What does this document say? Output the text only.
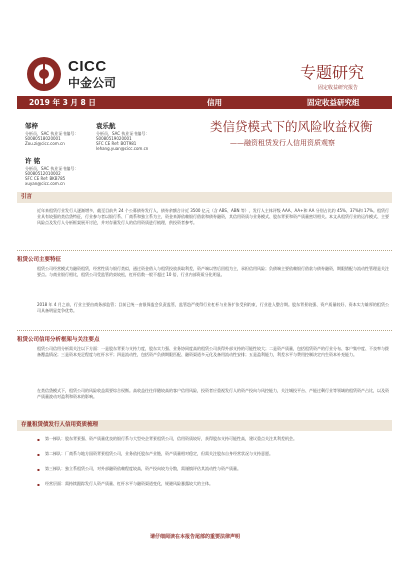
CICC
中金公司
专题研究
固定收益研究报告
2019 年 3 月 8 日	信用	固定收益研究组
邹梓
分析员，SAC 执业证书编号：
S0080518020001
Zou.zi@cicc.com.cn
袁乐航
分析员，SAC 执业证书编号：
S0080519020001
SFC CE Ref: BOT981
lehang.yuan@cicc.com.cn
许 铭
分析员，SAC 执业证书编号：
S0080512010002
SFC CE Ref: BKB785
xuyan@cicc.com.cn
类信贷模式下的风险收益权衡
——融资租赁发行人信用资质观察
引言
近年来租赁行业发行人逐渐增多，截至目前共 24 个公募债券发行人，债券余额合计近 3500 亿元（含 ABS、ABN 等），发行人主体评级 AAA、AA+和 AA 分别占比约 45%、37%和 17%。租赁行业具有较强的类信贷特征，行业参与者以银行系、厂商系和独立系为主，资金来源依赖银行借款和债券融资，其信用资质与业务模式、股东背景和资产质量密切相关。本文从租赁行业的运作模式、主要风险点及发行人分析框架展开讨论，并对存量发行人的信用资质进行梳理，供投资者参考。
租赁公司主要特征
租赁公司经营模式为融资租赁，经营性质与银行类似，通过资金借入与租赁投放获取利差，资产端以售后回租为主，承担信用风险；负债端主要依赖银行借款与债券融资，期限错配与流动性管理是关注要点。与商业银行相比，租赁公司受监管约束较松，杠杆倍数一般不超过 10 倍，行业内部资质分化明显。
2018 年 4 月之前，行业主要由商务部监管；目前已统一由银保监会负责监管，监管趋严使得行业杠杆与业务扩张受到约束，行业进入整合期。股东背景较强、资产质量较好、资本实力雄厚的租赁公司具备明显竞争优势。
租赁公司信用分析框架与关注要点
租赁公司信用分析需关注以下方面：一是股东背景与支持力度，股东实力强、业务协同度高的租赁公司获得外部支持的可能性较大；二是资产质量，包括租赁资产的行业分布、客户集中度、不良率与拨备覆盖情况；三是资本充足程度与杠杆水平；四是流动性，包括资产负债期限匹配、融资渠道多元化及备用流动性安排；五是盈利能力，利差水平与费用控制决定内生资本补充能力。
在类信贷模式下，租赁公司的风险收益需要综合权衡。高收益往往伴随较高的客户信用风险，投资者应重视发行人的资产投向与风控能力，关注城投平台、产能过剩行业等领域的租赁资产占比，以及资产质量波动对盈利和资本的影响。
存量租赁债发行人信用资质梳理
▪ 第一梯队：股东背景强、资产质量优良的银行系与大型央企背景租赁公司，信用资质较好，获得股东支持可能性高，建议重点关注其利差机会。
▪ 第二梯队：厂商系与地方国资背景租赁公司，业务依托股东产业链，资产质量相对稳定，但需关注股东自身经营状况与支持意愿。
▪ 第三梯队：独立系租赁公司，对外部融资依赖程度较高，资产投向较为分散，需谨慎评估其流动性与资产质量。
▪ 经营层面：需持续跟踪发行人资产质量、杠杆水平与融资渠道变化，规避风险暴露较大的主体。
请仔细阅读在本报告尾部的重要法律声明
